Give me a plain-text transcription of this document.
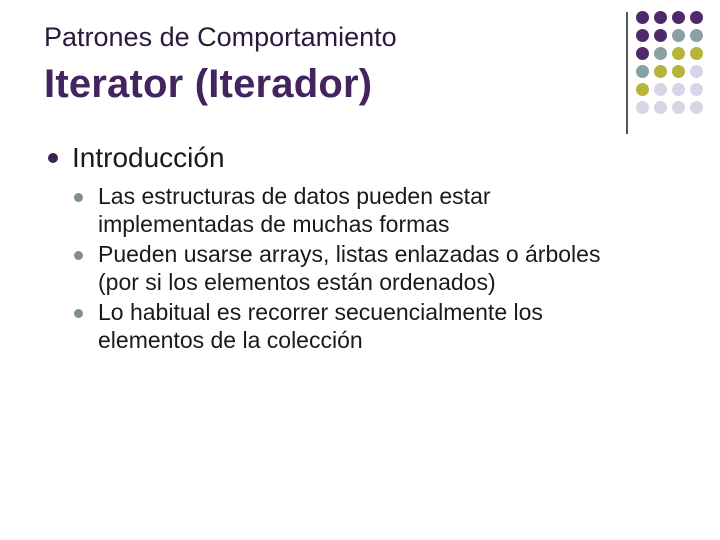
Patrones de Comportamiento
Iterator (Iterador)
Introducción
Las estructuras de datos pueden estar
implementadas de muchas formas
Pueden usarse arrays, listas enlazadas o árboles
(por si los elementos están ordenados)
Lo habitual es recorrer secuencialmente los
elementos de la colección
